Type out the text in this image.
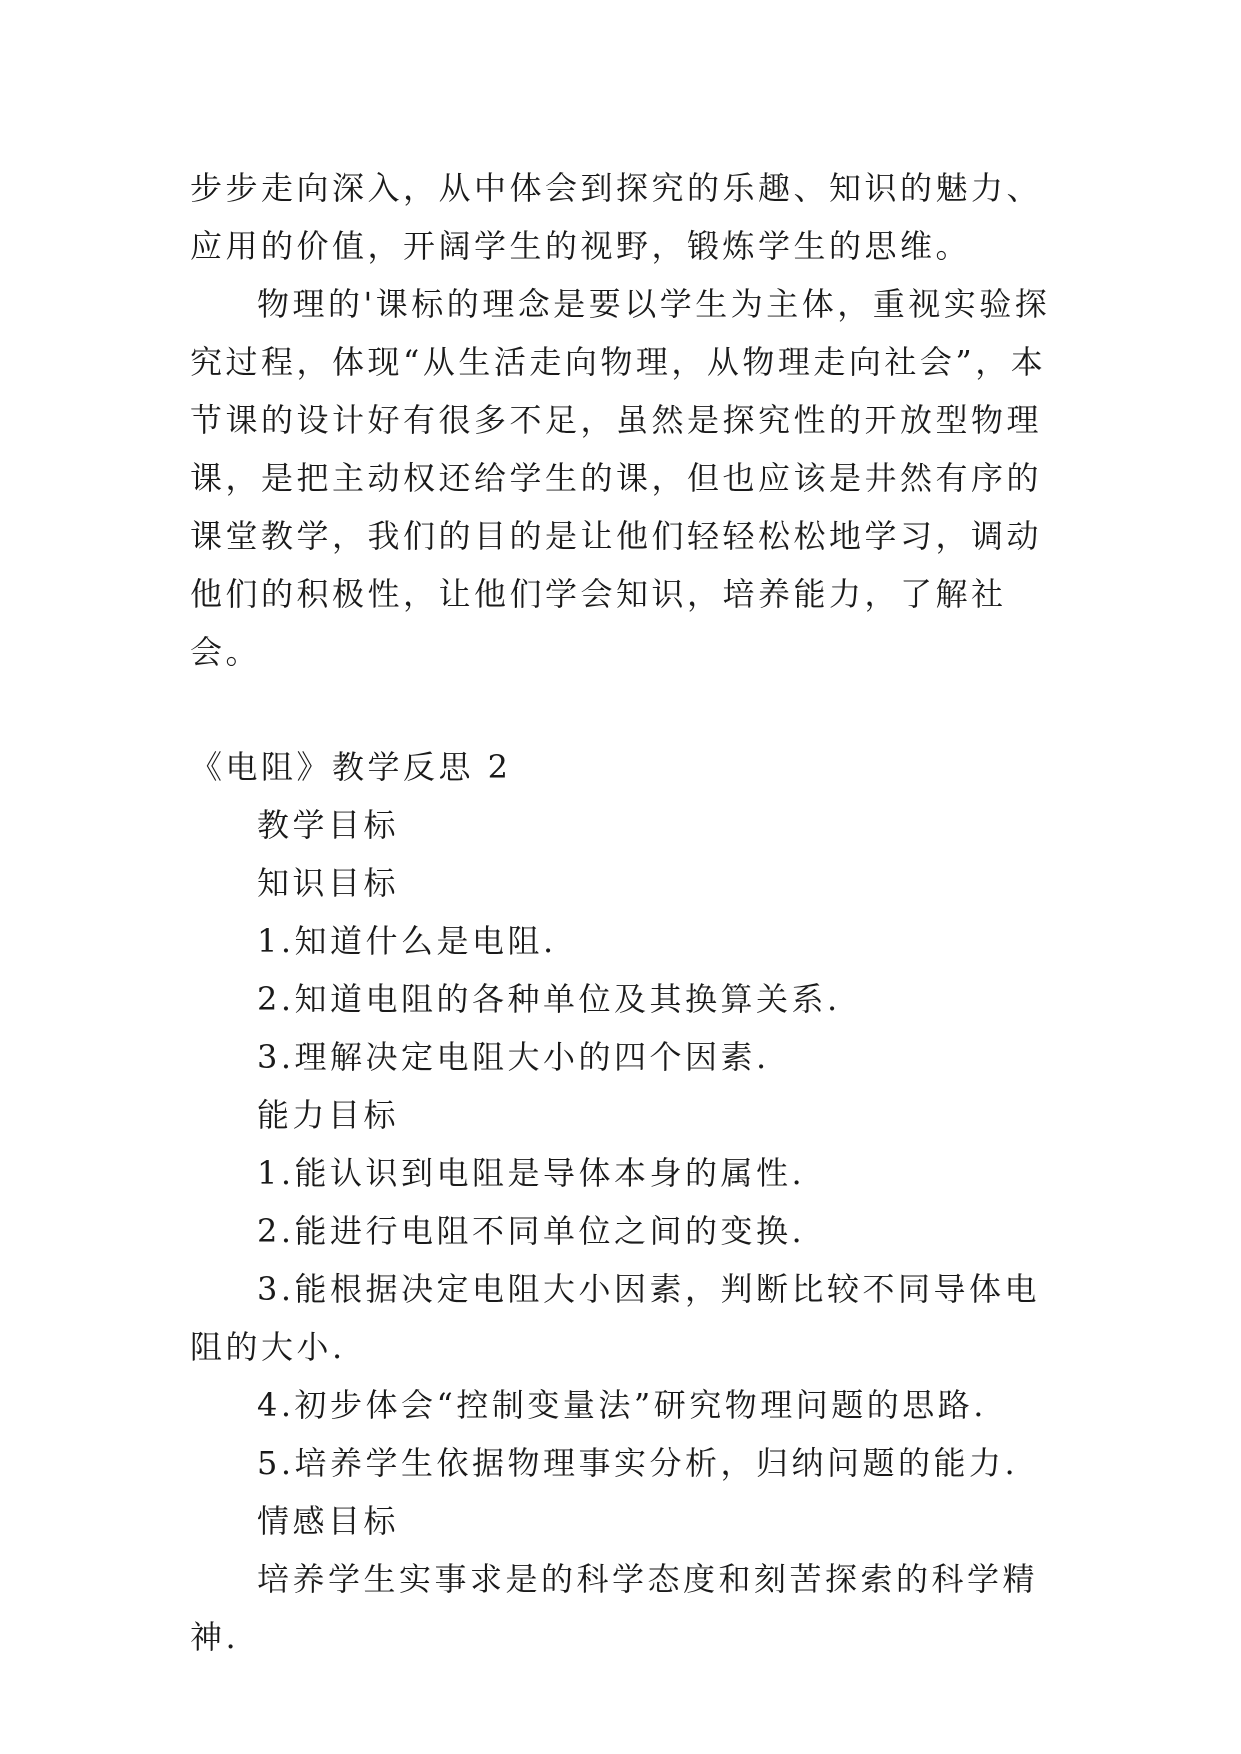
步步走向深入，从中体会到探究的乐趣、知识的魅力、应用的价值，开阔学生的视野，锻炼学生的思维。

物理的'课标的理念是要以学生为主体，重视实验探究过程，体现“从生活走向物理，从物理走向社会”，本节课的设计好有很多不足，虽然是探究性的开放型物理课，是把主动权还给学生的课，但也应该是井然有序的课堂教学，我们的目的是让他们轻轻松松地学习，调动他们的积极性，让他们学会知识，培养能力，了解社会。

《电阻》教学反思 2

教学目标

知识目标

1.知道什么是电阻.

2.知道电阻的各种单位及其换算关系.

3.理解决定电阻大小的四个因素.

能力目标

1.能认识到电阻是导体本身的属性.

2.能进行电阻不同单位之间的变换.

3.能根据决定电阻大小因素，判断比较不同导体电阻的大小.

4.初步体会“控制变量法”研究物理问题的思路.

5.培养学生依据物理事实分析，归纳问题的能力.

情感目标

培养学生实事求是的科学态度和刻苦探索的科学精神.
